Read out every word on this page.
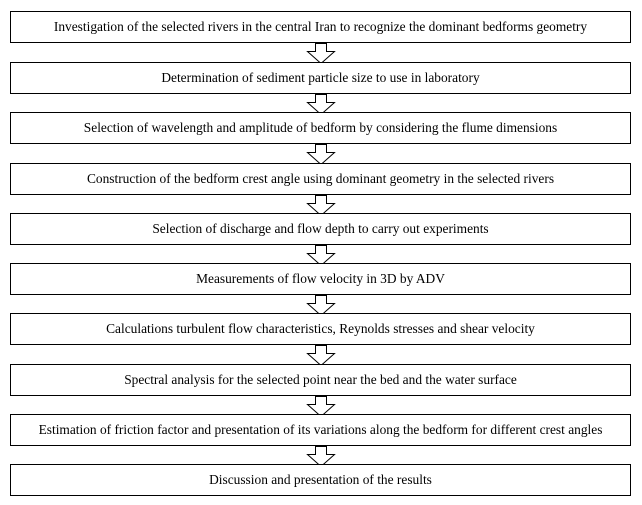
Investigation of the selected rivers in the central Iran to recognize the dominant bedforms geometry
Determination of sediment particle size to use in laboratory
Selection of wavelength and amplitude of bedform by considering the flume dimensions
Construction of the bedform crest angle using dominant geometry in the selected rivers
Selection of discharge and flow depth to carry out experiments
Measurements of flow velocity in 3D by ADV
Calculations turbulent flow characteristics, Reynolds stresses and shear velocity
Spectral analysis for the selected point near the bed and the water surface
Estimation of friction factor and presentation of its variations along the bedform for different crest angles
Discussion and presentation of the results
